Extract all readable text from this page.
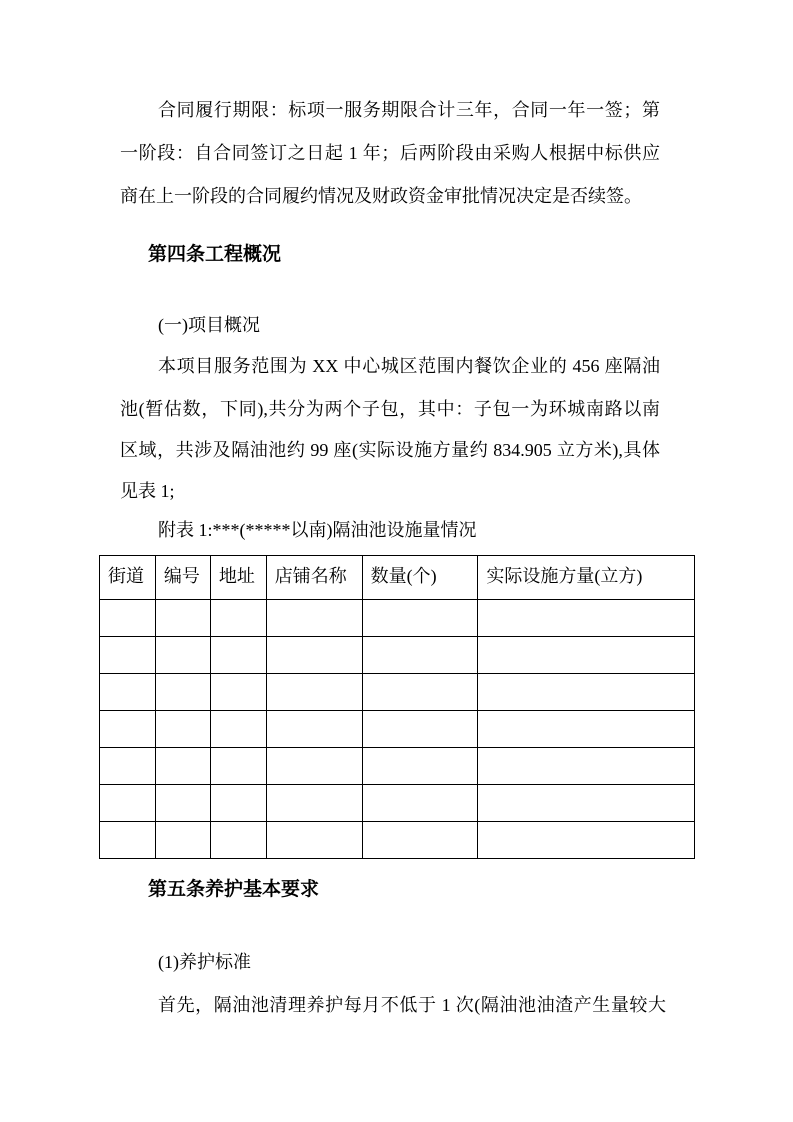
合同履行期限：标项一服务期限合计三年，合同一年一签；第
一阶段：自合同签订之日起 1 年；后两阶段由采购人根据中标供应
商在上一阶段的合同履约情况及财政资金审批情况决定是否续签。
第四条工程概况
(一)项目概况
本项目服务范围为 XX 中心城区范围内餐饮企业的 456 座隔油
池(暂估数，下同),共分为两个子包，其中：子包一为环城南路以南
区域，共涉及隔油池约 99 座(实际设施方量约 834.905 立方米),具体
见表 1;
附表 1:***(*****以南)隔油池设施量情况
街道	编号	地址	店铺名称	数量(个)	实际设施方量(立方)

第五条养护基本要求
(1)养护标准
首先，隔油池清理养护每月不低于 1 次(隔油池油渣产生量较大
